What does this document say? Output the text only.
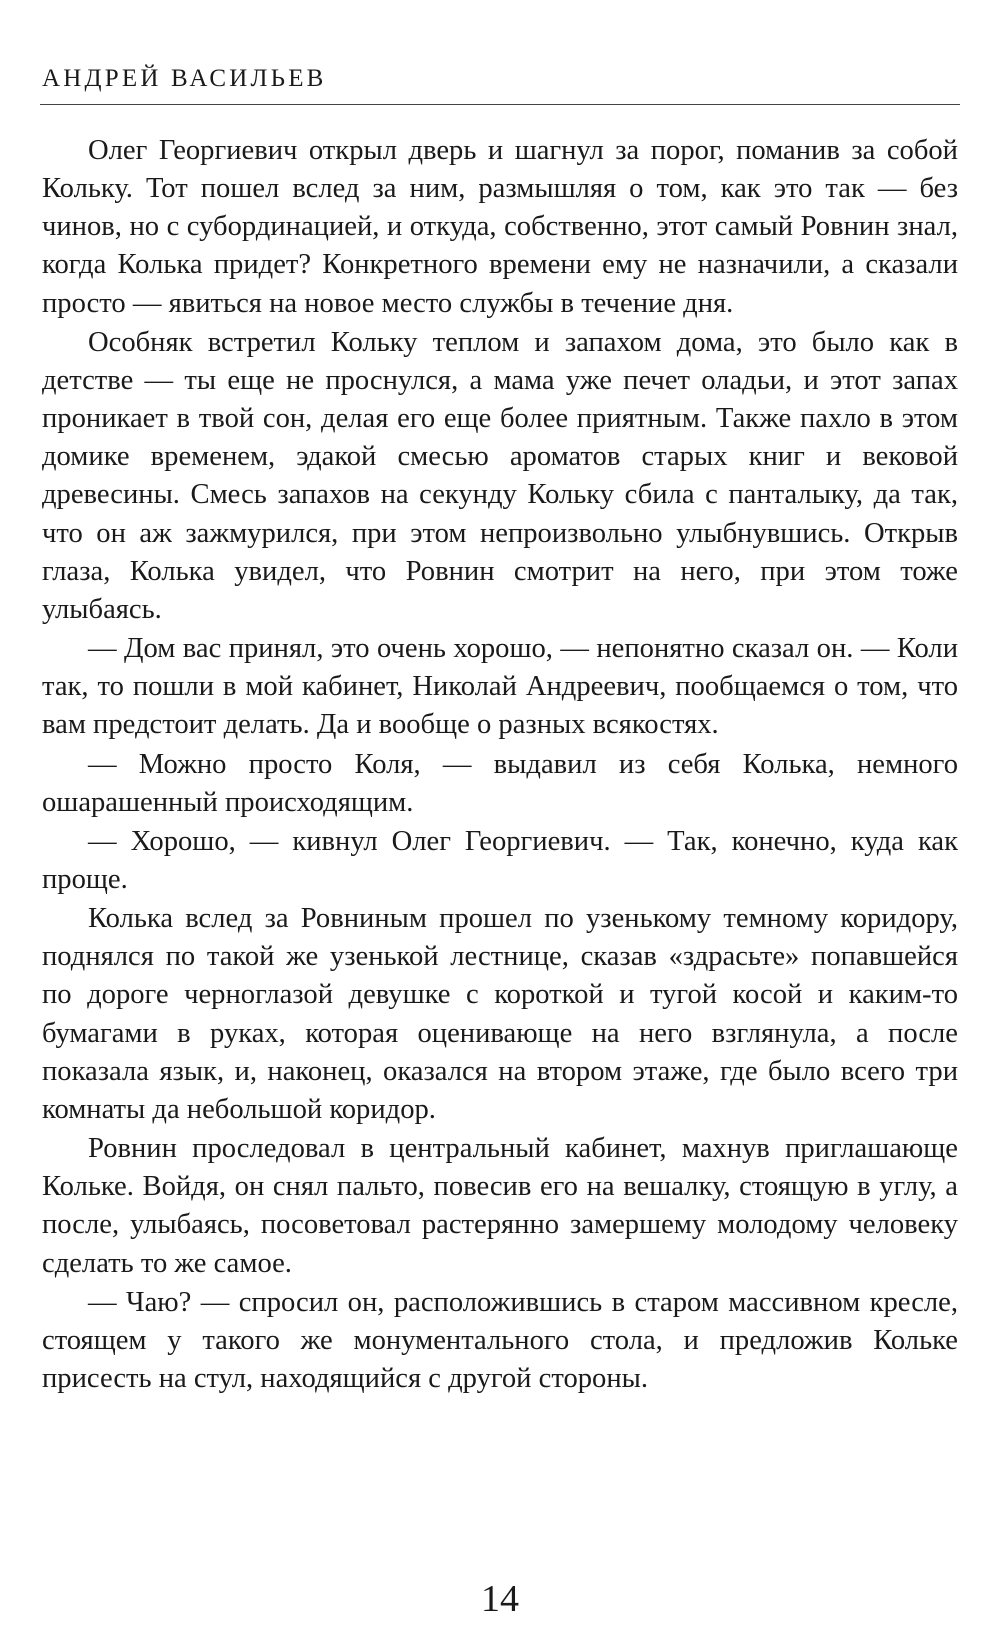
АНДРЕЙ ВАСИЛЬЕВ

Олег Георгиевич открыл дверь и шагнул за порог, поманив за собой Кольку. Тот пошел вслед за ним, размышляя о том, как это так — без чинов, но с субординацией, и откуда, собственно, этот самый Ровнин знал, когда Колька придет? Конкретного времени ему не назначили, а сказали просто — явиться на новое место службы в течение дня.

Особняк встретил Кольку теплом и запахом дома, это было как в детстве — ты еще не проснулся, а мама уже печет оладьи, и этот запах проникает в твой сон, делая его еще более приятным. Также пахло в этом домике временем, эдакой смесью ароматов старых книг и вековой древесины. Смесь запахов на секунду Кольку сбила с панталыку, да так, что он аж зажмурился, при этом непроизвольно улыбнувшись. Открыв глаза, Колька увидел, что Ровнин смотрит на него, при этом тоже улыбаясь.

— Дом вас принял, это очень хорошо, — непонятно сказал он. — Коли так, то пошли в мой кабинет, Николай Андреевич, пообщаемся о том, что вам предстоит делать. Да и вообще о разных всякостях.

— Можно просто Коля, — выдавил из себя Колька, немного ошарашенный происходящим.

— Хорошо, — кивнул Олег Георгиевич. — Так, конечно, куда как проще.

Колька вслед за Ровниным прошел по узенькому темному коридору, поднялся по такой же узенькой лестнице, сказав «здрасьте» попавшейся по дороге черноглазой девушке с короткой и тугой косой и каким-то бумагами в руках, которая оценивающе на него взглянула, а после показала язык, и, наконец, оказался на втором этаже, где было всего три комнаты да небольшой коридор.

Ровнин проследовал в центральный кабинет, махнув приглашающе Кольке. Войдя, он снял пальто, повесив его на вешалку, стоящую в углу, а после, улыбаясь, посоветовал растерянно замершему молодому человеку сделать то же самое.

— Чаю? — спросил он, расположившись в старом массивном кресле, стоящем у такого же монументального стола, и предложив Кольке присесть на стул, находящийся с другой стороны.

14
